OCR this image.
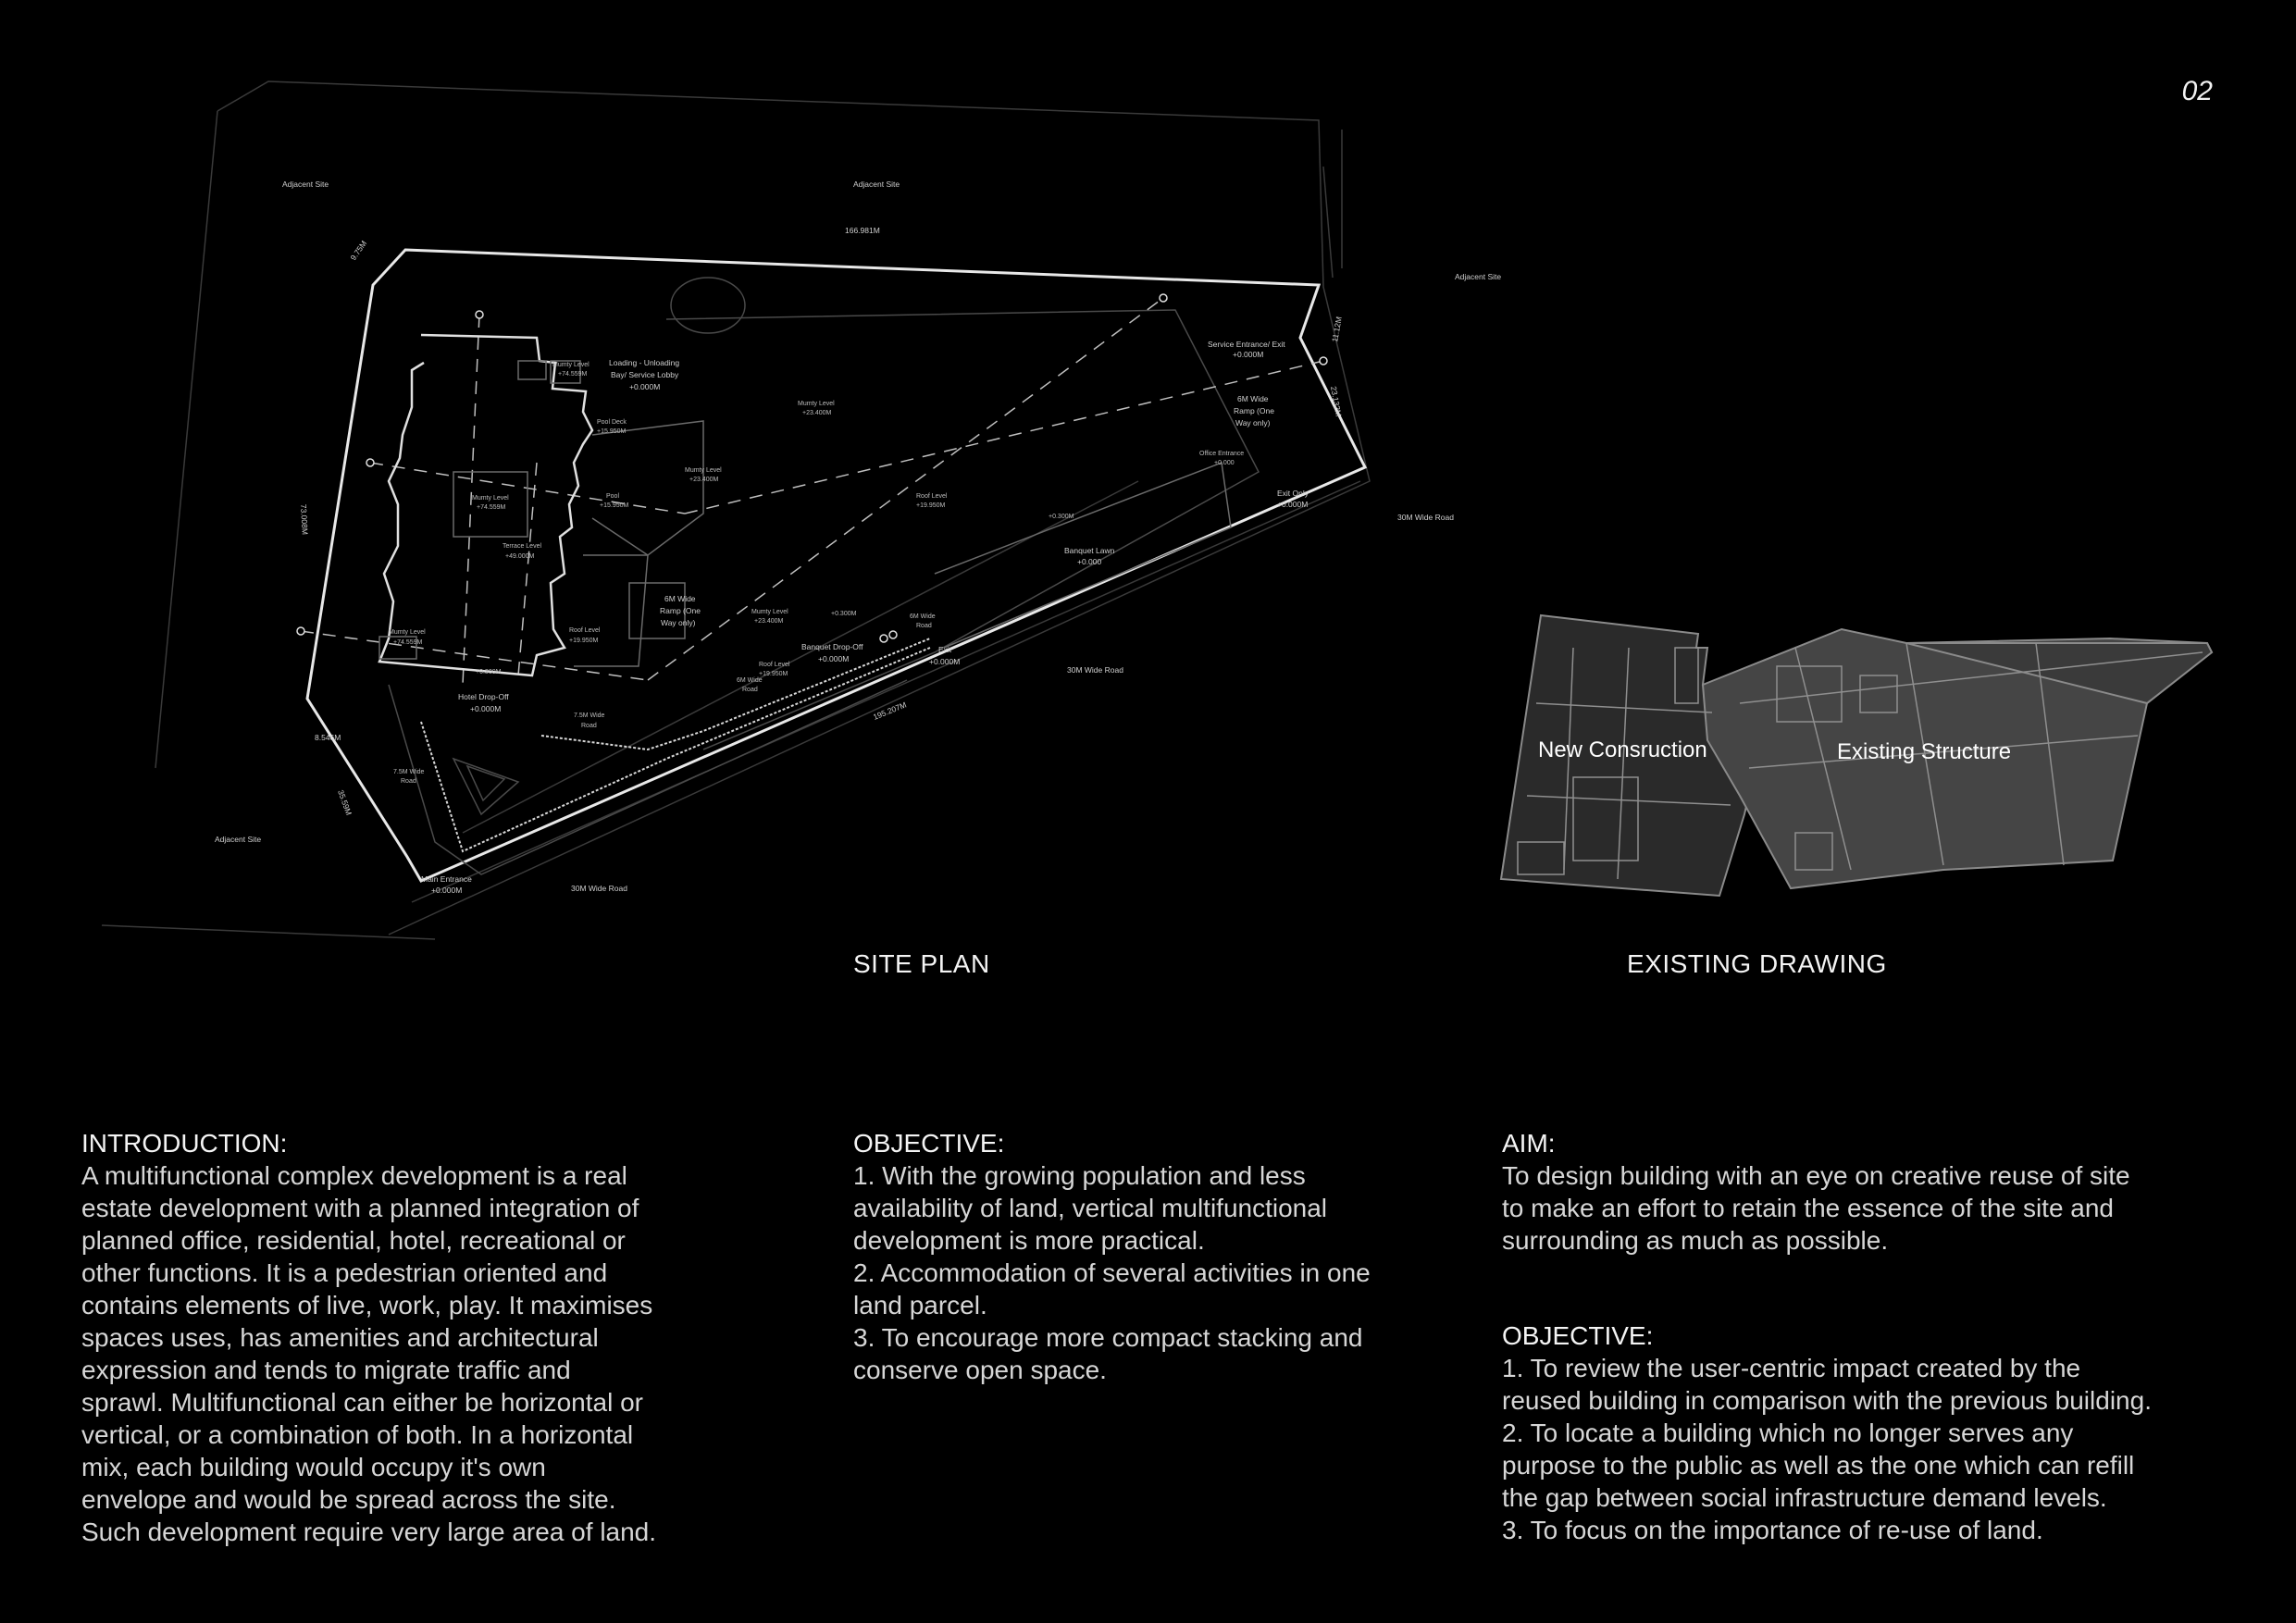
02
Adjacent Site	Adjacent Site
Adjacent Site
Adjacent Site
166.981M
9.75M
73.008M
11.12M
23.132M
195.207M
8.546M
35.59M
Loading - Unloading
Bay/ Service Lobby
+0.000M
Service Entrance/ Exit
+0.000M
6M Wide
Ramp (One
Way only)
Office Entrance
+0.000
Exit Only
+0.000M
30M Wide Road
30M Wide Road
30M Wide Road
Banquet Lawn
+0.000
6M Wide
Ramp (One
Way only)
Banquet Drop-Off
+0.000M
Exit
+0.000M
Hotel Drop-Off
+0.000M
7.5M Wide
Road
7.5M Wide
Road
Main Entrance
+0.000M
Mumty Level
+74.559M
Mumty Level
+74.559M
Mumty Level
+23.400M
Mumty Level
+23.400M
Mumty Level
+23.400M
Mumty Level
+74.559M
Pool Deck
+15.950M
Roof Level
+19.950M
Roof Level
+19.950M
Roof Level
+19.950M
Terrace Level
+49.000M
Pool
+15.950M
+0.300M
+0.300M
+0.300M	6M Wide
Road
6M Wide
Road
New Consruction	Existing Structure
SITE PLAN	EXISTING DRAWING
INTRODUCTION:

A multifunctional complex development is a real

estate development with a planned integration of

planned office, residential, hotel, recreational or

other functions. It is a pedestrian oriented and

contains elements of live, work, play. It maximises

spaces uses, has amenities and architectural

expression and tends to migrate traffic and

sprawl. Multifunctional can either be horizontal or

vertical, or a combination of both. In a horizontal

mix, each building would occupy it's own

envelope and would be spread across the site.

Such development require very large area of land.

OBJECTIVE:

1. With the growing population and less

availability of land, vertical multifunctional

development is more practical.

2. Accommodation of several activities in one

land parcel.

3. To encourage more compact stacking and

conserve open space.

AIM:

To design building with an eye on creative reuse of site

to make an effort to retain the essence of the site and

surrounding as much as possible.

OBJECTIVE:

1. To review the user-centric impact created by the

reused building in comparison with the previous building.

2. To locate a building which no longer serves any

purpose to the public as well as the one which can refill

the gap between social infrastructure demand levels.

3. To focus on the importance of re-use of land.
